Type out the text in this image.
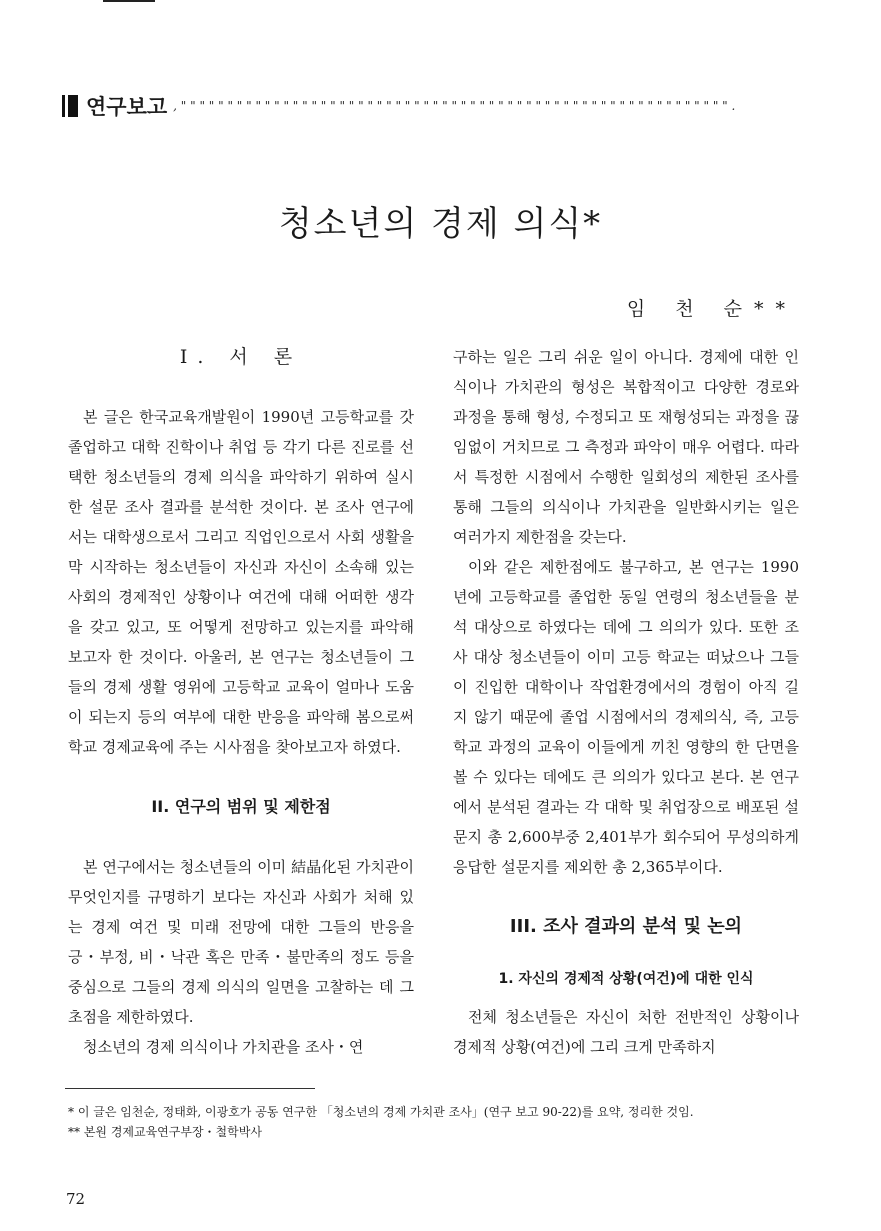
연구보고 , " " " " " " " " " " " " " " " " " " " " " " " " " " " " " " " " " " " " " " " " " " " " " " " " " " " " " " " " " " " .
청소년의 경제 의식*
임 천 순**
I. 서 론

본 글은 한국교육개발원이 1990년 고등학교를 갓 졸업하고 대학 진학이나 취업 등 각기 다른 진로를 선택한 청소년들의 경제 의식을 파악하기 위하여 실시한 설문 조사 결과를 분석한 것이다. 본 조사 연구에서는 대학생으로서 그리고 직업인으로서 사회 생활을 막 시작하는 청소년들이 자신과 자신이 소속해 있는 사회의 경제적인 상황이나 여건에 대해 어떠한 생각을 갖고 있고, 또 어떻게 전망하고 있는지를 파악해 보고자 한 것이다. 아울러, 본 연구는 청소년들이 그들의 경제 생활 영위에 고등학교 교육이 얼마나 도움이 되는지 등의 여부에 대한 반응을 파악해 봄으로써 학교 경제교육에 주는 시사점을 찾아보고자 하였다.

II. 연구의 범위 및 제한점

본 연구에서는 청소년들의 이미 結晶化된 가치관이 무엇인지를 규명하기 보다는 자신과 사회가 처해 있는 경제 여건 및 미래 전망에 대한 그들의 반응을 긍・부정, 비・낙관 혹은 만족・불만족의 정도 등을 중심으로 그들의 경제 의식의 일면을 고찰하는 데 그 초점을 제한하였다.

청소년의 경제 의식이나 가치관을 조사・연

구하는 일은 그리 쉬운 일이 아니다. 경제에 대한 인식이나 가치관의 형성은 복합적이고 다양한 경로와 과정을 통해 형성, 수정되고 또 재형성되는 과정을 끊임없이 거치므로 그 측정과 파악이 매우 어렵다. 따라서 특정한 시점에서 수행한 일회성의 제한된 조사를 통해 그들의 의식이나 가치관을 일반화시키는 일은 여러가지 제한점을 갖는다.

이와 같은 제한점에도 불구하고, 본 연구는 1990년에 고등학교를 졸업한 동일 연령의 청소년들을 분석 대상으로 하였다는 데에 그 의의가 있다. 또한 조사 대상 청소년들이 이미 고등 학교는 떠났으나 그들이 진입한 대학이나 작업환경에서의 경험이 아직 길지 않기 때문에 졸업 시점에서의 경제의식, 즉, 고등 학교 과정의 교육이 이들에게 끼친 영향의 한 단면을 볼 수 있다는 데에도 큰 의의가 있다고 본다. 본 연구에서 분석된 결과는 각 대학 및 취업장으로 배포된 설문지 총 2,600부중 2,401부가 회수되어 무성의하게 응답한 설문지를 제외한 총 2,365부이다.

III. 조사 결과의 분석 및 논의
1. 자신의 경제적 상황(여건)에 대한 인식

전체 청소년들은 자신이 처한 전반적인 상황이나 경제적 상황(여건)에 그리 크게 만족하지

* 이 글은 임천순, 정태화, 이광호가 공동 연구한 「청소년의 경제 가치관 조사」(연구 보고 90-22)를 요약, 정리한 것임.
** 본원 경제교육연구부장・철학박사
72
